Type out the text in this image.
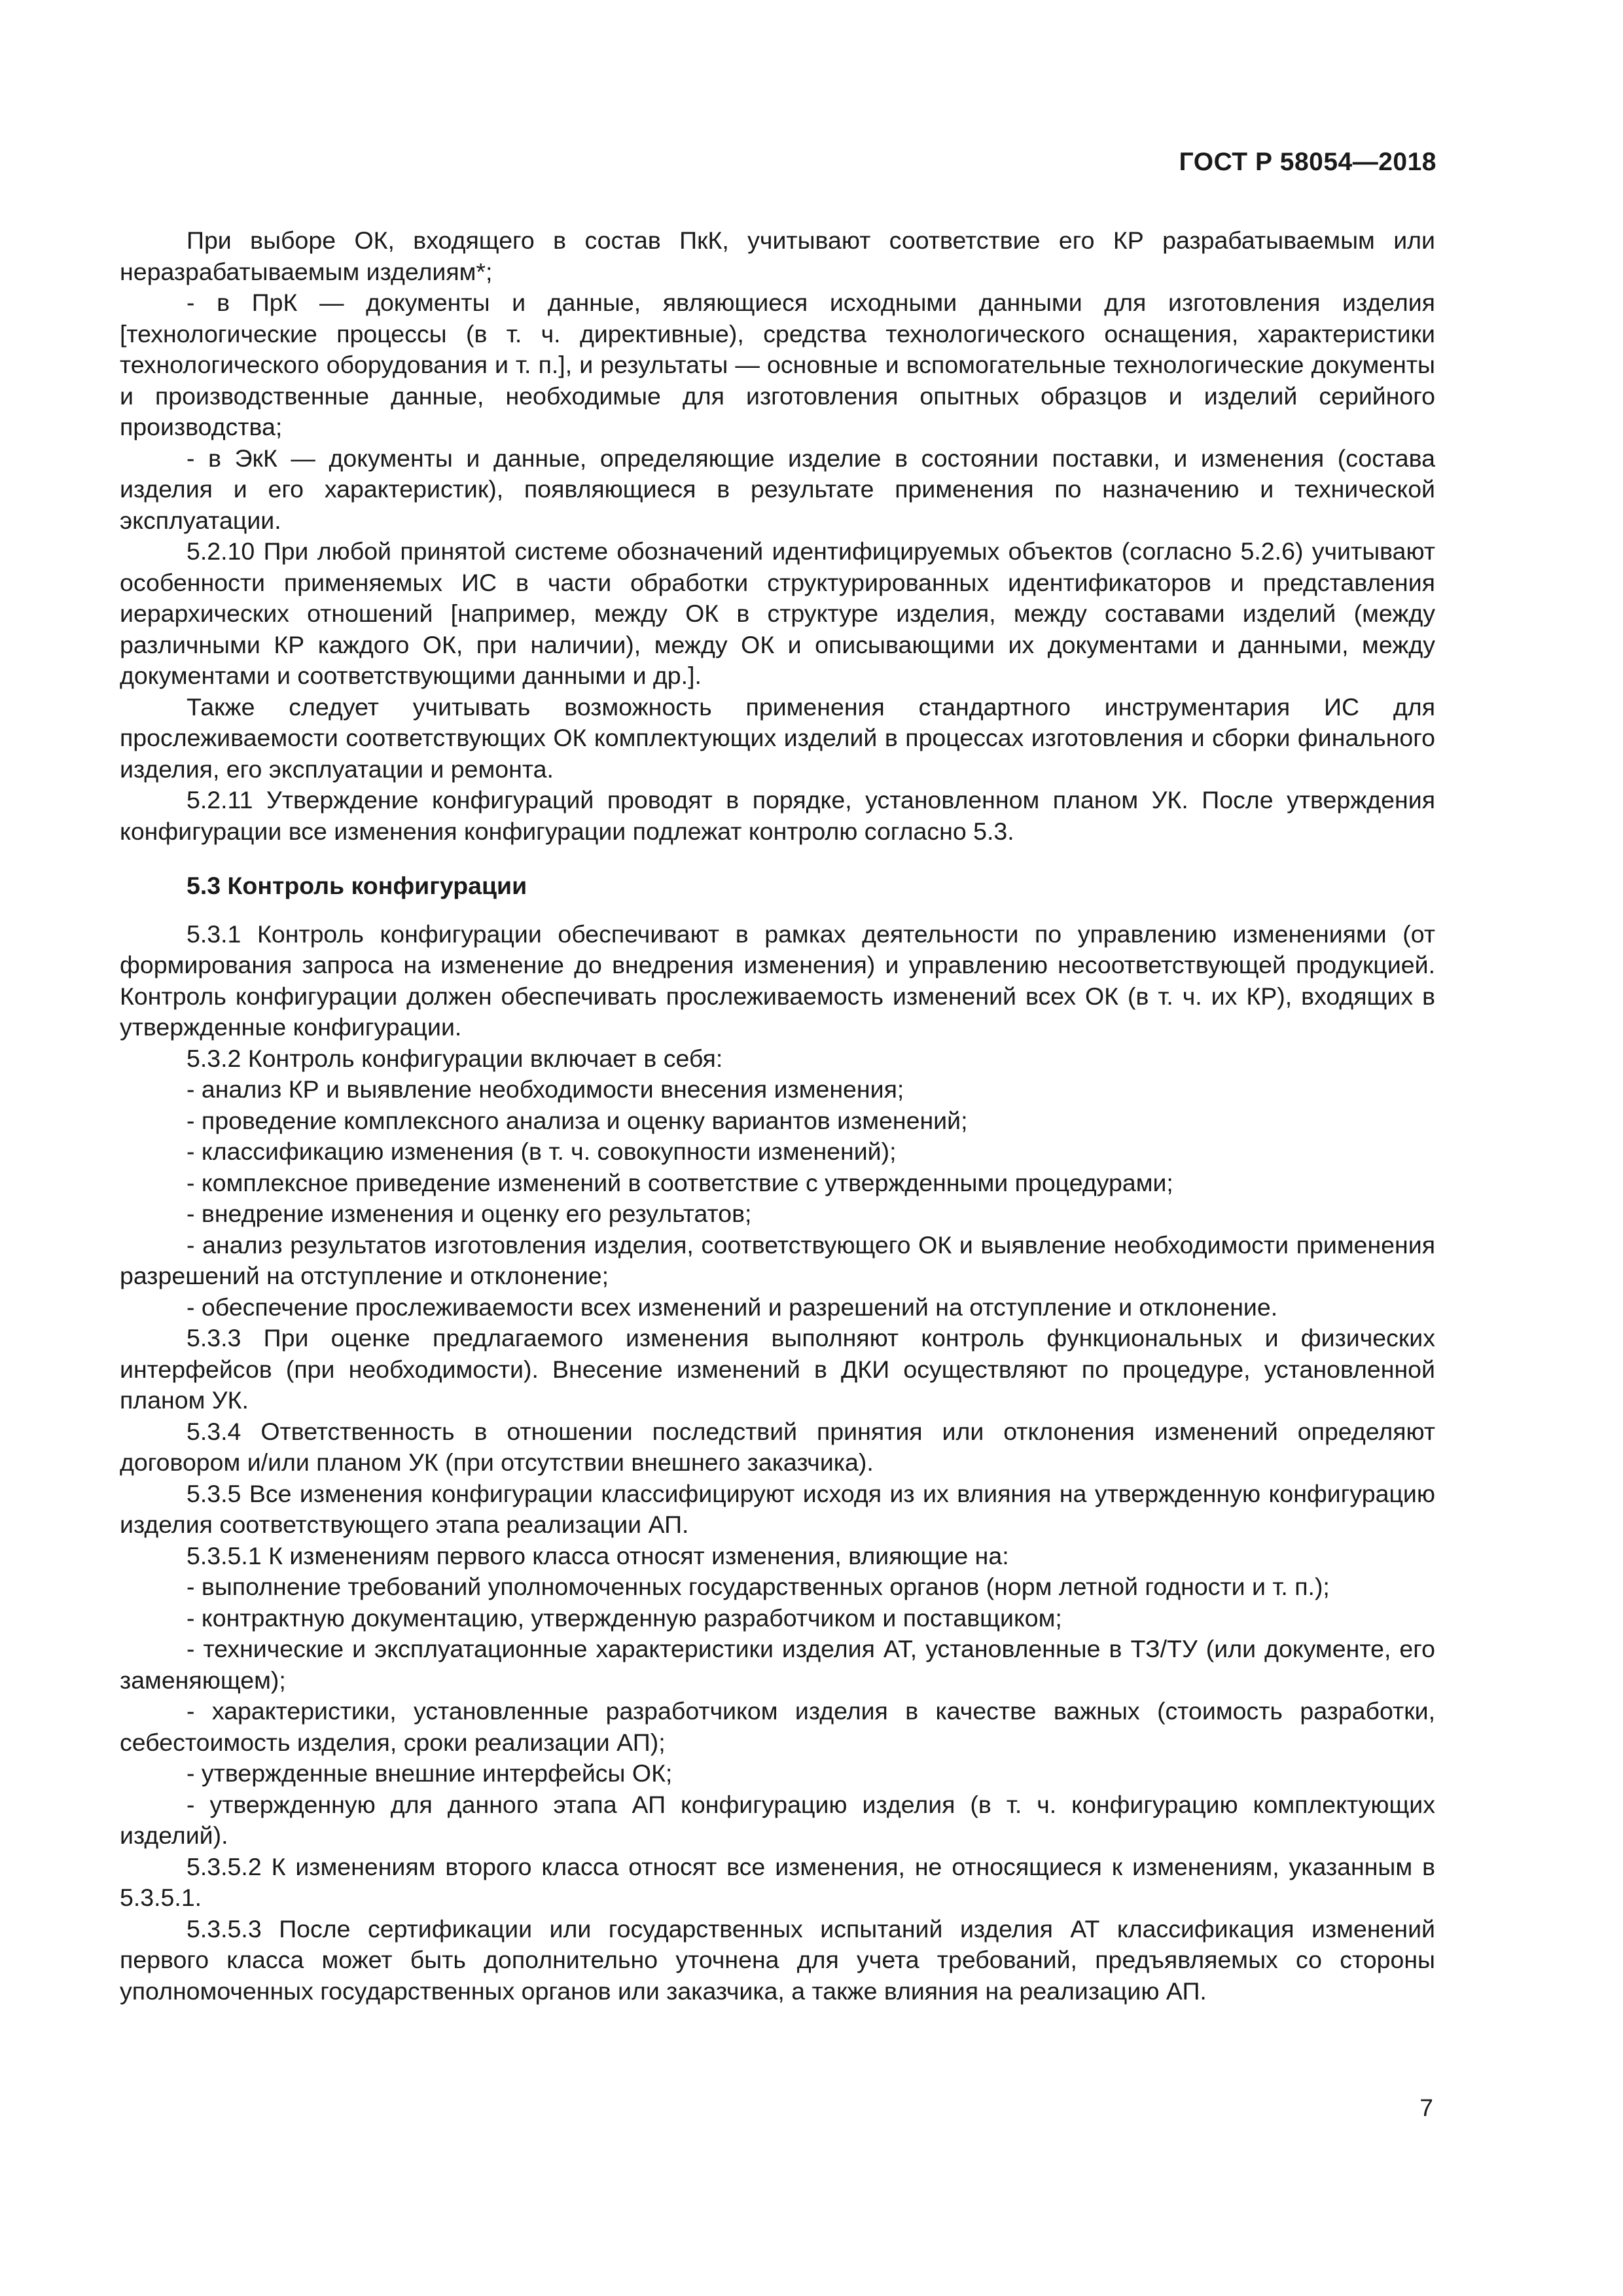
ГОСТ Р 58054—2018

При выборе ОК, входящего в состав ПкК, учитывают соответствие его КР разрабатываемым или неразрабатываемым изделиям*;

- в ПрК — документы и данные, являющиеся исходными данными для изготовления изделия [технологические процессы (в т. ч. директивные), средства технологического оснащения, характеристики технологического оборудования и т. п.], и результаты — основные и вспомогательные технологические документы и производственные данные, необходимые для изготовления опытных образцов и изделий серийного производства;

- в ЭкК — документы и данные, определяющие изделие в состоянии поставки, и изменения (состава изделия и его характеристик), появляющиеся в результате применения по назначению и технической эксплуатации.

5.2.10 При любой принятой системе обозначений идентифицируемых объектов (согласно 5.2.6) учитывают особенности применяемых ИС в части обработки структурированных идентификаторов и представления иерархических отношений [например, между ОК в структуре изделия, между составами изделий (между различными КР каждого ОК, при наличии), между ОК и описывающими их документами и данными, между документами и соответствующими данными и др.].

Также следует учитывать возможность применения стандартного инструментария ИС для прослеживаемости соответствующих ОК комплектующих изделий в процессах изготовления и сборки финального изделия, его эксплуатации и ремонта.

5.2.11 Утверждение конфигураций проводят в порядке, установленном планом УК. После утверждения конфигурации все изменения конфигурации подлежат контролю согласно 5.3.

5.3 Контроль конфигурации

5.3.1 Контроль конфигурации обеспечивают в рамках деятельности по управлению изменениями (от формирования запроса на изменение до внедрения изменения) и управлению несоответствующей продукцией. Контроль конфигурации должен обеспечивать прослеживаемость изменений всех ОК (в т. ч. их КР), входящих в утвержденные конфигурации.

5.3.2 Контроль конфигурации включает в себя:

- анализ КР и выявление необходимости внесения изменения;

- проведение комплексного анализа и оценку вариантов изменений;

- классификацию изменения (в т. ч. совокупности изменений);

- комплексное приведение изменений в соответствие с утвержденными процедурами;

- внедрение изменения и оценку его результатов;

- анализ результатов изготовления изделия, соответствующего ОК и выявление необходимости применения разрешений на отступление и отклонение;

- обеспечение прослеживаемости всех изменений и разрешений на отступление и отклонение.

5.3.3 При оценке предлагаемого изменения выполняют контроль функциональных и физических интерфейсов (при необходимости). Внесение изменений в ДКИ осуществляют по процедуре, установленной планом УК.

5.3.4 Ответственность в отношении последствий принятия или отклонения изменений определяют договором и/или планом УК (при отсутствии внешнего заказчика).

5.3.5 Все изменения конфигурации классифицируют исходя из их влияния на утвержденную конфигурацию изделия соответствующего этапа реализации АП.

5.3.5.1 К изменениям первого класса относят изменения, влияющие на:

- выполнение требований уполномоченных государственных органов (норм летной годности и т. п.);

- контрактную документацию, утвержденную разработчиком и поставщиком;

- технические и эксплуатационные характеристики изделия АТ, установленные в ТЗ/ТУ (или документе, его заменяющем);

- характеристики, установленные разработчиком изделия в качестве важных (стоимость разработки, себестоимость изделия, сроки реализации АП);

- утвержденные внешние интерфейсы ОК;

- утвержденную для данного этапа АП конфигурацию изделия (в т. ч. конфигурацию комплектующих изделий).

5.3.5.2 К изменениям второго класса относят все изменения, не относящиеся к изменениям, указанным в 5.3.5.1.

5.3.5.3 После сертификации или государственных испытаний изделия АТ классификация изменений первого класса может быть дополнительно уточнена для учета требований, предъявляемых со стороны уполномоченных государственных органов или заказчика, а также влияния на реализацию АП.

7
